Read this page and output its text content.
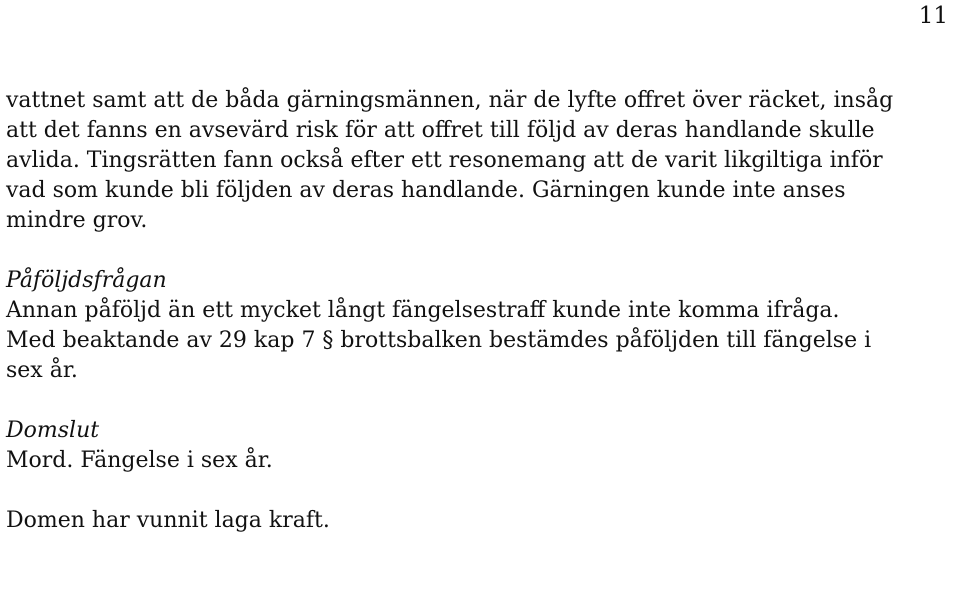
11
vattnet samt att de båda gärningsmännen, när de lyfte offret över räcket, insåg
att det fanns en avsevärd risk för att offret till följd av deras handlande skulle
avlida. Tingsrätten fann också efter ett resonemang att de varit likgiltiga inför
vad som kunde bli följden av deras handlande. Gärningen kunde inte anses
mindre grov.
Påföljdsfrågan
Annan påföljd än ett mycket långt fängelsestraff kunde inte komma ifråga.
Med beaktande av 29 kap 7 § brottsbalken bestämdes påföljden till fängelse i
sex år.
Domslut
Mord. Fängelse i sex år.
Domen har vunnit laga kraft.
